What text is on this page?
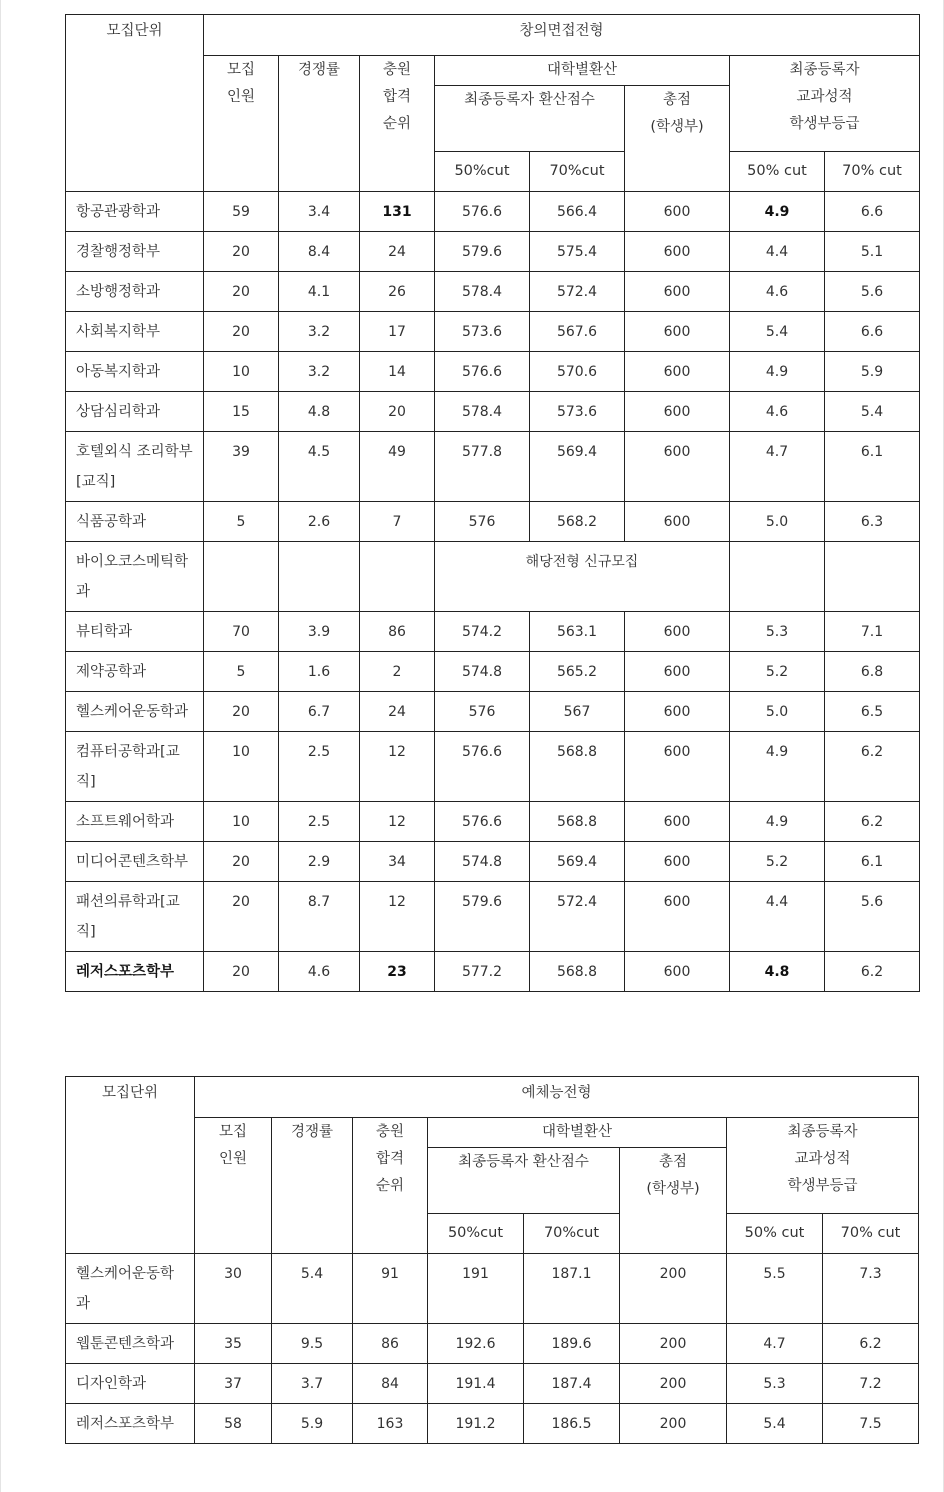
모집단위	창의면접전형							
	모집
인원	경쟁률	충원
합격
순위	대학별환산			최종등록자
교과성적
학생부등급	
				최종등록자 환산점수		총점
(학생부)		
				50%cut	70%cut		50% cut	70% cut
항공관광학과	59	3.4	131	576.6	566.4	600	4.9	6.6
경찰행정학부	20	8.4	24	579.6	575.4	600	4.4	5.1
소방행정학과	20	4.1	26	578.4	572.4	600	4.6	5.6
사회복지학부	20	3.2	17	573.6	567.6	600	5.4	6.6
아동복지학과	10	3.2	14	576.6	570.6	600	4.9	5.9
상담심리학과	15	4.8	20	578.4	573.6	600	4.6	5.4
호텔외식 조리학부[교직]	39	4.5	49	577.8	569.4	600	4.7	6.1
식품공학과	5	2.6	7	576	568.2	600	5.0	6.3
바이오코스메틱학과				해당전형 신규모집				
뷰티학과	70	3.9	86	574.2	563.1	600	5.3	7.1
제약공학과	5	1.6	2	574.8	565.2	600	5.2	6.8
헬스케어운동학과	20	6.7	24	576	567	600	5.0	6.5
컴퓨터공학과[교직]	10	2.5	12	576.6	568.8	600	4.9	6.2
소프트웨어학과	10	2.5	12	576.6	568.8	600	4.9	6.2
미디어콘텐츠학부	20	2.9	34	574.8	569.4	600	5.2	6.1
패션의류학과[교직]	20	8.7	12	579.6	572.4	600	4.4	5.6
레저스포츠학부	20	4.6	23	577.2	568.8	600	4.8	6.2
모집단위	예체능전형							
	모집
인원	경쟁률	충원
합격
순위	대학별환산			최종등록자
교과성적
학생부등급	
				최종등록자 환산점수		총점
(학생부)		
				50%cut	70%cut		50% cut	70% cut
헬스케어운동학과	30	5.4	91	191	187.1	200	5.5	7.3
웹툰콘텐츠학과	35	9.5	86	192.6	189.6	200	4.7	6.2
디자인학과	37	3.7	84	191.4	187.4	200	5.3	7.2
레저스포츠학부	58	5.9	163	191.2	186.5	200	5.4	7.5
